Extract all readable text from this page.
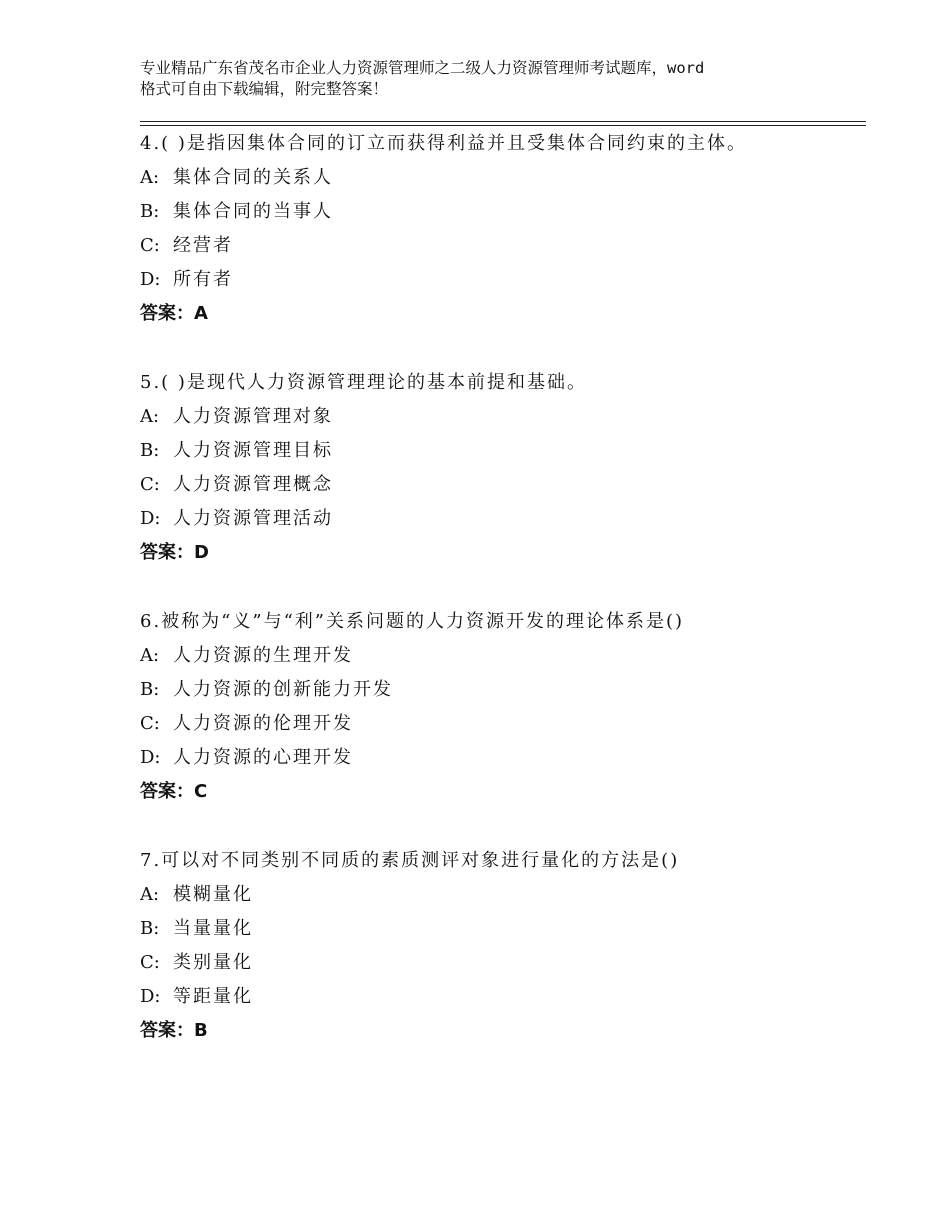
专业精品广东省茂名市企业人力资源管理师之二级人力资源管理师考试题库，word
格式可自由下载编辑，附完整答案！
4.( )是指因集体合同的订立而获得利益并且受集体合同约束的主体。
A: 集体合同的关系人
B: 集体合同的当事人
C: 经营者
D: 所有者
答案：A
5.( )是现代人力资源管理理论的基本前提和基础。
A: 人力资源管理对象
B: 人力资源管理目标
C: 人力资源管理概念
D: 人力资源管理活动
答案：D
6.被称为“义”与“利”关系问题的人力资源开发的理论体系是()
A: 人力资源的生理开发
B: 人力资源的创新能力开发
C: 人力资源的伦理开发
D: 人力资源的心理开发
答案：C
7.可以对不同类别不同质的素质测评对象进行量化的方法是()
A: 模糊量化
B: 当量量化
C: 类别量化
D: 等距量化
答案：B
